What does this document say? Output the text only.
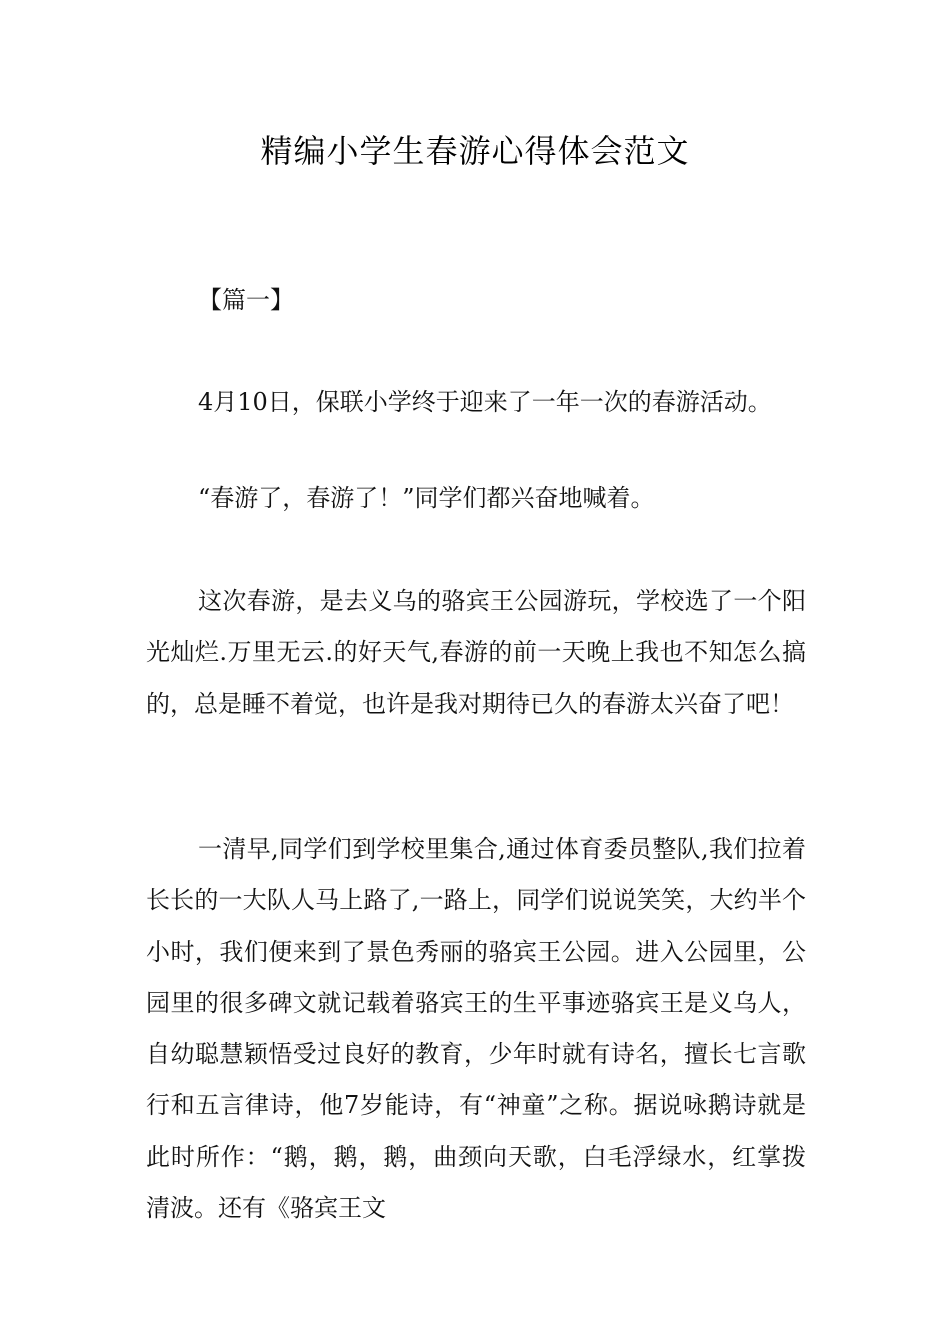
精编小学生春游心得体会范文
【篇一】

4月10日，保联小学终于迎来了一年一次的春游活动。

“春游了，春游了！”同学们都兴奋地喊着。

这次春游，是去义乌的骆宾王公园游玩，学校选了一个阳光灿烂.万里无云.的好天气,春游的前一天晚上我也不知怎么搞的，总是睡不着觉，也许是我对期待已久的春游太兴奋了吧！

一清早,同学们到学校里集合,通过体育委员整队,我们拉着长长的一大队人马上路了,一路上，同学们说说笑笑，大约半个小时，我们便来到了景色秀丽的骆宾王公园。进入公园里，公园里的很多碑文就记载着骆宾王的生平事迹骆宾王是义乌人，自幼聪慧颖悟受过良好的教育，少年时就有诗名，擅长七言歌行和五言律诗，他7岁能诗，有“神童”之称。据说咏鹅诗就是此时所作：“鹅，鹅，鹅，曲颈向天歌，白毛浮绿水，红掌拨清波。还有《骆宾王文
